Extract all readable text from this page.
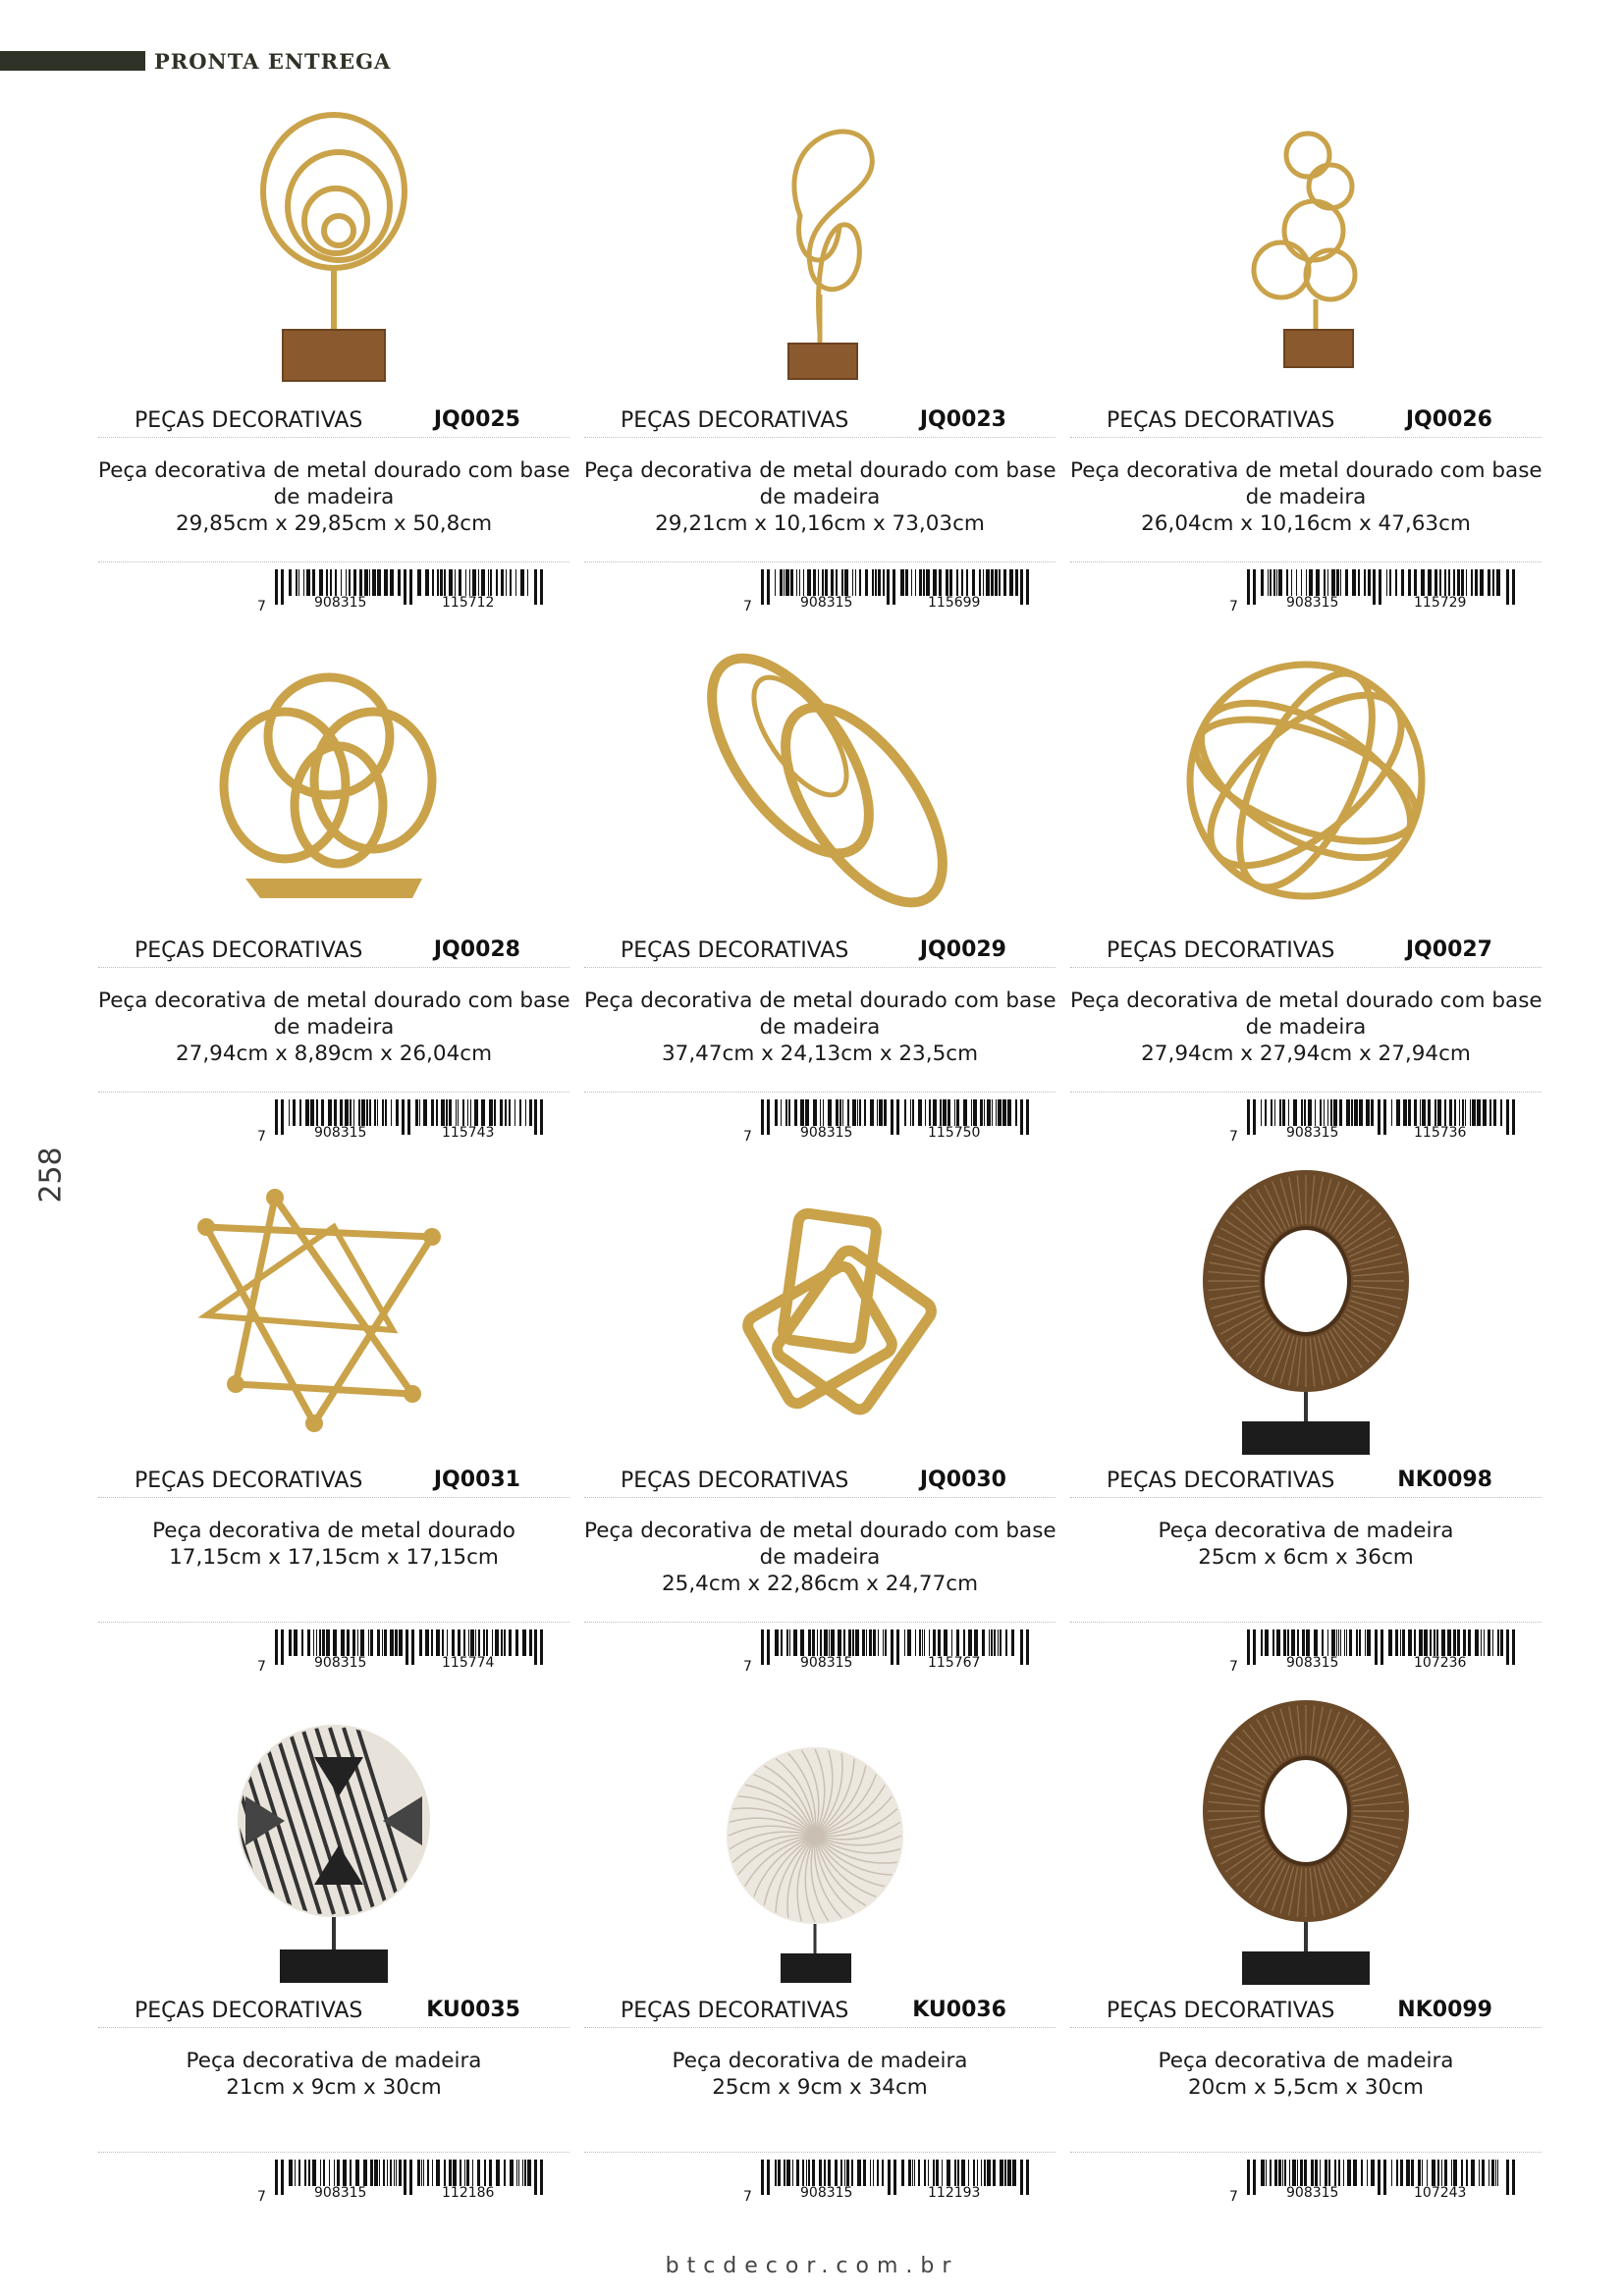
PRONTA ENTREGA
258
PEÇAS DECORATIVAS	JQ0025
Peça decorativa de metal dourado com base
de madeira
29,85cm x 29,85cm x 50,8cm
7	908315	115712
PEÇAS DECORATIVAS	JQ0023
Peça decorativa de metal dourado com base
de madeira
29,21cm x 10,16cm x 73,03cm
7	908315	115699
PEÇAS DECORATIVAS	JQ0026
Peça decorativa de metal dourado com base
de madeira
26,04cm x 10,16cm x 47,63cm
7	908315	115729
PEÇAS DECORATIVAS	JQ0028
Peça decorativa de metal dourado com base
de madeira
27,94cm x 8,89cm x 26,04cm
7	908315	115743
PEÇAS DECORATIVAS	JQ0029
Peça decorativa de metal dourado com base
de madeira
37,47cm x 24,13cm x 23,5cm
7	908315	115750
PEÇAS DECORATIVAS	JQ0027
Peça decorativa de metal dourado com base
de madeira
27,94cm x 27,94cm x 27,94cm
7	908315	115736
PEÇAS DECORATIVAS	JQ0031
Peça decorativa de metal dourado
17,15cm x 17,15cm x 17,15cm
7	908315	115774
PEÇAS DECORATIVAS	JQ0030
Peça decorativa de metal dourado com base
de madeira
25,4cm x 22,86cm x 24,77cm
7	908315	115767
PEÇAS DECORATIVAS	NK0098
Peça decorativa de madeira
25cm x 6cm x 36cm
7	908315	107236
PEÇAS DECORATIVAS	KU0035
Peça decorativa de madeira
21cm x 9cm x 30cm
7	908315	112186
PEÇAS DECORATIVAS	KU0036
Peça decorativa de madeira
25cm x 9cm x 34cm
7	908315	112193
PEÇAS DECORATIVAS	NK0099
Peça decorativa de madeira
20cm x 5,5cm x 30cm
7	908315	107243
btcdecor.com.br
